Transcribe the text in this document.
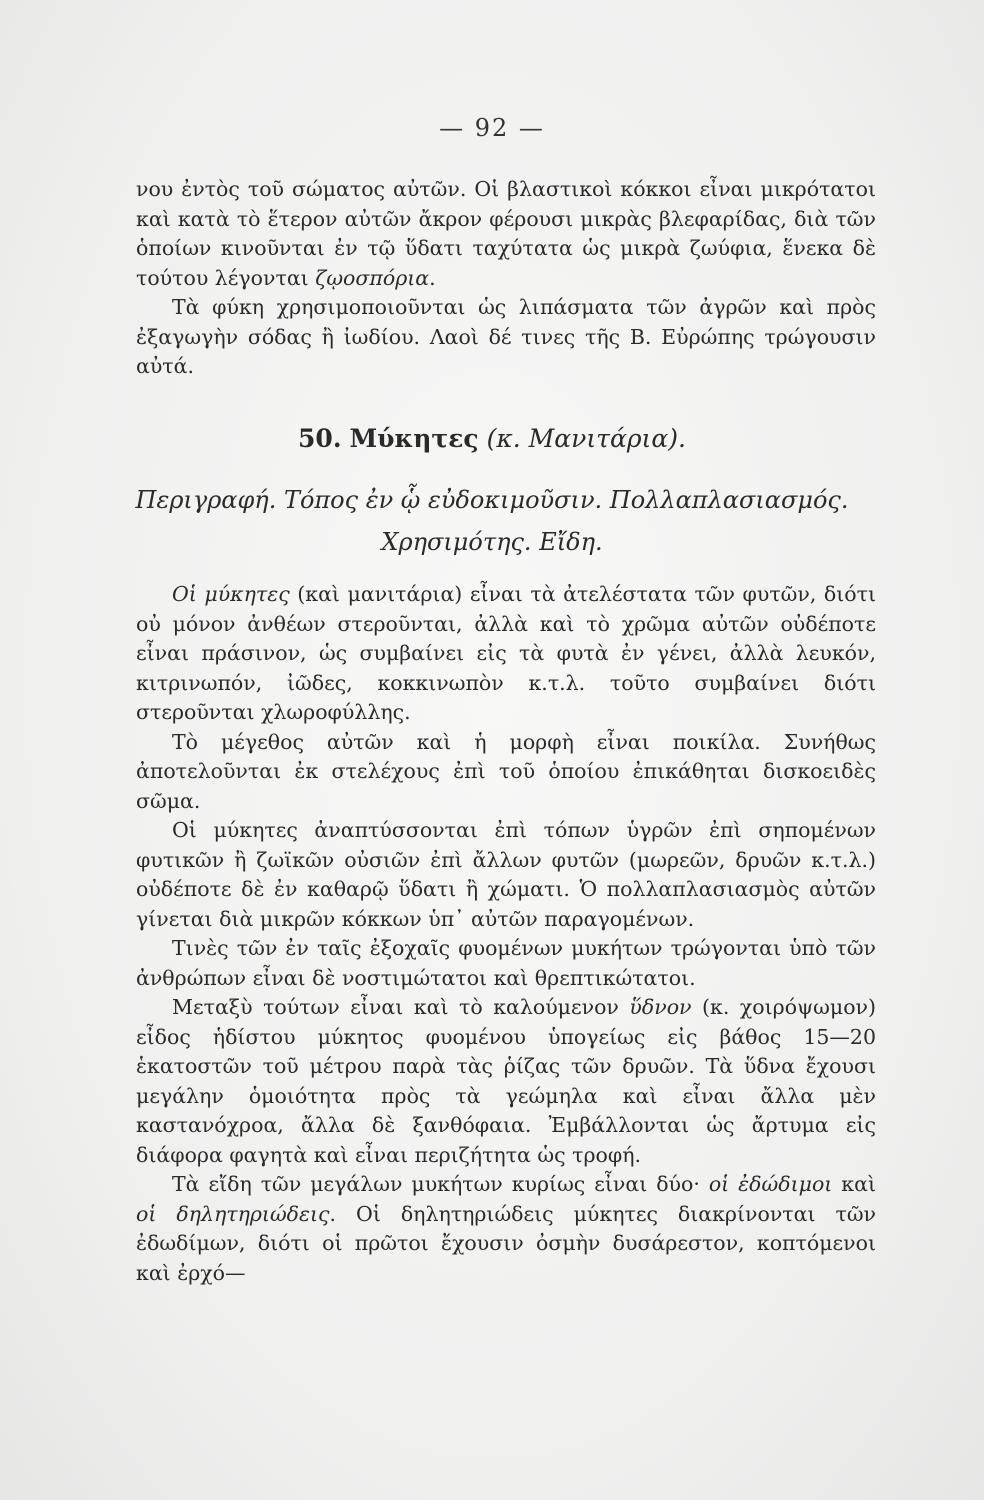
— 92 —

νου ἐντὸς τοῦ σώματος αὐτῶν. Οἱ βλαστικοὶ κόκκοι εἶναι μικρότατοι καὶ κατὰ τὸ ἕτερον αὐτῶν ἄκρον φέρουσι μικρὰς βλεφαρίδας, διὰ τῶν ὁποίων κινοῦνται ἐν τῷ ὕδατι ταχύτατα ὡς μικρὰ ζωύφια, ἕνεκα δὲ τούτου λέγονται ζῳοσπόρια.

Τὰ φύκη χρησιμοποιοῦνται ὡς λιπάσματα τῶν ἀγρῶν καὶ πρὸς ἐξαγωγὴν σόδας ἢ ἰωδίου. Λαοὶ δέ τινες τῆς Β. Εὐρώπης τρώγουσιν αὐτά.

50. Μύκητες (κ. Μανιτάρια).
Περιγραφή. Τόπος ἐν ᾧ εὐδοκιμοῦσιν. Πολλαπλασιασμός.
Χρησιμότης. Εἴδη.

Οἱ μύκητες (καὶ μανιτάρια) εἶναι τὰ ἀτελέστατα τῶν φυτῶν, διότι οὐ μόνον ἀνθέων στεροῦνται, ἀλλὰ καὶ τὸ χρῶμα αὐτῶν οὐδέποτε εἶναι πράσινον, ὡς συμβαίνει εἰς τὰ φυτὰ ἐν γένει, ἀλλὰ λευκόν, κιτρινωπόν, ἰῶδες, κοκκινωπὸν κ.τ.λ. τοῦτο συμβαίνει διότι στεροῦνται χλωροφύλλης.

Τὸ μέγεθος αὐτῶν καὶ ἡ μορφὴ εἶναι ποικίλα. Συνήθως ἀποτελοῦνται ἐκ στελέχους ἐπὶ τοῦ ὁποίου ἐπικάθηται δισκοειδὲς σῶμα.

Οἱ μύκητες ἀναπτύσσονται ἐπὶ τόπων ὑγρῶν ἐπὶ σηπομένων φυτικῶν ἢ ζωϊκῶν οὐσιῶν ἐπὶ ἄλλων φυτῶν (μωρεῶν, δρυῶν κ.τ.λ.) οὐδέποτε δὲ ἐν καθαρῷ ὕδατι ἢ χώματι. Ὁ πολλαπλασιασμὸς αὐτῶν γίνεται διὰ μικρῶν κόκκων ὑπ᾽ αὐτῶν παραγομένων.

Τινὲς τῶν ἐν ταῖς ἐξοχαῖς φυομένων μυκήτων τρώγονται ὑπὸ τῶν ἀνθρώπων εἶναι δὲ νοστιμώτατοι καὶ θρεπτικώτατοι.

Μεταξὺ τούτων εἶναι καὶ τὸ καλούμενον ὕδνον (κ. χοιρόψωμον) εἶδος ἡδίστου μύκητος φυομένου ὑπογείως εἰς βάθος 15—20 ἑκατοστῶν τοῦ μέτρου παρὰ τὰς ῥίζας τῶν δρυῶν. Τὰ ὕδνα ἔχουσι μεγάλην ὁμοιότητα πρὸς τὰ γεώμηλα καὶ εἶναι ἄλλα μὲν καστανόχροα, ἄλλα δὲ ξανθόφαια. Ἐμβάλλονται ὡς ἄρτυμα εἰς διάφορα φαγητὰ καὶ εἶναι περιζήτητα ὡς τροφή.

Τὰ εἴδη τῶν μεγάλων μυκήτων κυρίως εἶναι δύο· οἱ ἐδώδιμοι καὶ οἱ δηλητηριώδεις. Οἱ δηλητηριώδεις μύκητες διακρίνονται τῶν ἐδωδίμων, διότι οἱ πρῶτοι ἔχουσιν ὀσμὴν δυσάρεστον, κοπτόμενοι καὶ ἐρχό—
